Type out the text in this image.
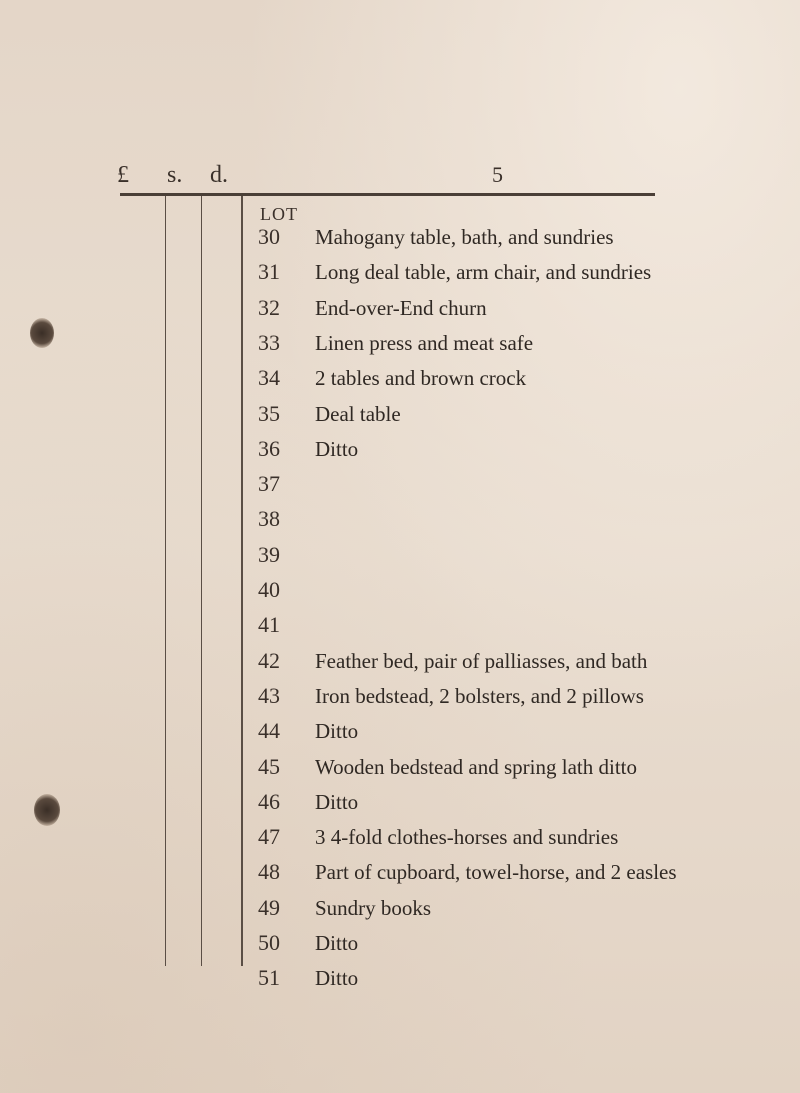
£ s. d.	5
LOT
30	Mahogany table, bath, and sundries
31	Long deal table, arm chair, and sundries
32	End-over-End churn
33	Linen press and meat safe
34	2 tables and brown crock
35	Deal table
36	Ditto
37
38
39
40
41
42	Feather bed, pair of palliasses, and bath
43	Iron bedstead, 2 bolsters, and 2 pillows
44	Ditto
45	Wooden bedstead and spring lath ditto
46	Ditto
47	3 4-fold clothes-horses and sundries
48	Part of cupboard, towel-horse, and 2 easles
49	Sundry books
50	Ditto
51	Ditto
